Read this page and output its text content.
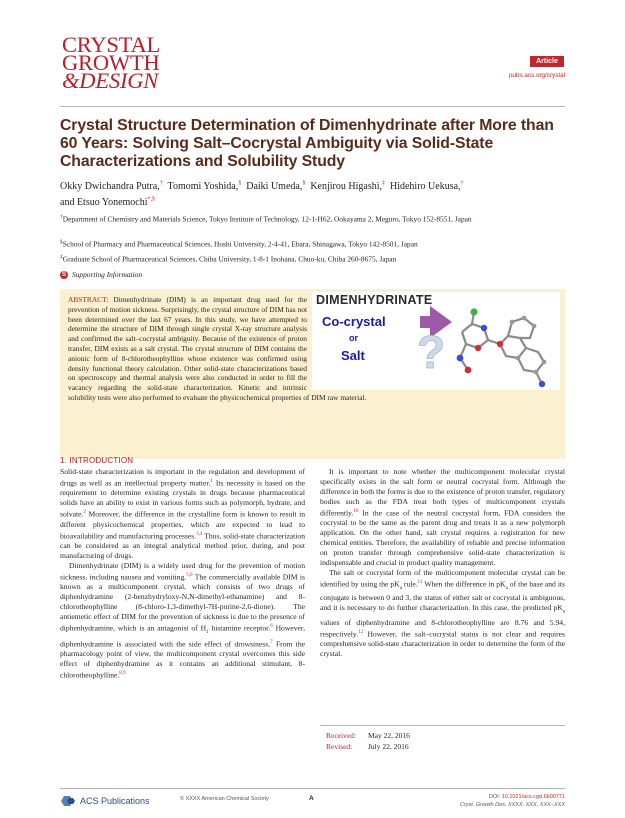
CRYSTAL
GROWTH
&DESIGN
Article
pubs.acs.org/crystal
Crystal Structure Determination of Dimenhydrinate after More than 60 Years: Solving Salt–Cocrystal Ambiguity via Solid-State Characterizations and Solubility Study
Okky Dwichandra Putra,† Tomomi Yoshida,§ Daiki Umeda,§ Kenjirou Higashi,‡ Hidehiro Uekusa,†
and Etsuo Yonemochi*,§
†Department of Chemistry and Materials Science, Tokyo Institute of Technology, 12-1-H62, Ookayama 2, Meguro, Tokyo 152-8551, Japan
§School of Pharmacy and Pharmaceutical Sciences, Hoshi University, 2-4-41, Ebara, Shinagawa, Tokyo 142-8501, Japan
‡Graduate School of Pharmaceutical Sciences, Chiba University, 1-8-1 Inohana, Chuo-ku, Chiba 260-8675, Japan
S Supporting Information
ABSTRACT: Dimenhydrinate (DIM) is an important drug used for the prevention of motion sickness. Surprisingly, the crystal structure of DIM has not been determined over the last 67 years. In this study, we have attempted to determine the structure of DIM through single crystal X-ray structure analysis and confirmed the salt–cocrystal ambiguity. Because of the existence of proton transfer, DIM exists as a salt crystal. The crystal structure of DIM contains the anionic form of 8-chlorotheophylline whose existence was confirmed using density functional theory calculation. Other solid-state characterizations based on spectroscopy and thermal analysis were also conducted in order to fill the vacancy regarding the solid-state characterization. Kinetic and intrinsic solubility tests were also performed to evaluate the physicochemical properties of DIM raw material.
DIMENHYDRINATE
Co-crystal
or
Salt ?
1. INTRODUCTION

Solid-state characterization is important in the regulation and development of drugs as well as an intellectual property matter.$^1$ Its necessity is based on the requirement to determine existing crystals in drugs because pharmaceutical solids have an ability to exist in various forms such as polymorph, hydrate, and solvate.$^2$ Moreover, the difference in the crystalline form is known to result in different physicochemical properties, which are expected to lead to bioavailability and manufacturing processes.$^{3,4}$ Thus, solid-state characterization can be considered as an integral analytical method prior, during, and post manufacturing of drugs.

Dimenhydrinate (DIM) is a widely used drug for the prevention of motion sickness, including nausea and vomiting.$^{5,6}$ The commercially available DIM is known as a multicomponent crystal, which consists of two drugs of diphenhydramine (2-benzhydryloxy-N,N-dimethyl-ethanamine) and 8-chlorotheophylline (8-chloro-1,3-dimethyl-7H-purine-2,6-dione). The antiemetic effect of DIM for the prevention of sickness is due to the presence of diphenhydramine, which is an antagonist of $H_1$ histamine receptor.$^6$ However, diphenhydramine is associated with the side effect of drowsiness.$^7$ From the pharmacology point of view, the multicomponent crystal overcomes this side effect of diphenhydramine as it contains an additional stimulant, 8-chlorotheophylline.$^{8,9}$

It is important to note whether the multicomponent molecular crystal specifically exists in the salt form or neutral cocrystal form. Although the difference in both the forms is due to the existence of proton transfer, regulatory bodies such as the FDA treat both types of multicomponent crystals differently.$^{10}$ In the case of the neutral cocrystal form, FDA considers the cocrystal to be the same as the parent drug and treats it as a new polymorph application. On the other hand, salt crystal requires a registration for new chemical entities. Therefore, the availability of reliable and precise information on proton transfer through comprehensive solid-state characterization is indispensable and crucial in product quality management.

The salt or cocrystal form of the multicomponent molecular crystal can be identified by using the $pK_a$ rule.$^{11}$ When the difference in $pK_a$ of the base and its conjugate is between 0 and 3, the status of either salt or cocrystal is ambiguous, and it is necessary to do further characterization. In this case, the predicted $pK_a$ values of diphenhydramine and 8-chlorotheophylline are 8.76 and 5.94, respectively.$^{12}$ However, the salt–cocrystal status is not clear and requires comprehensive solid-state characterization in order to determine the form of the crystal.

Received: May 22, 2016
Revised: July 22, 2016
ACS Publications	© XXXX American Chemical Society	A	DOI: 10.1021/acs.cgd.6b00771
Cryst. Growth Des. XXXX, XXX, XXX−XXX
